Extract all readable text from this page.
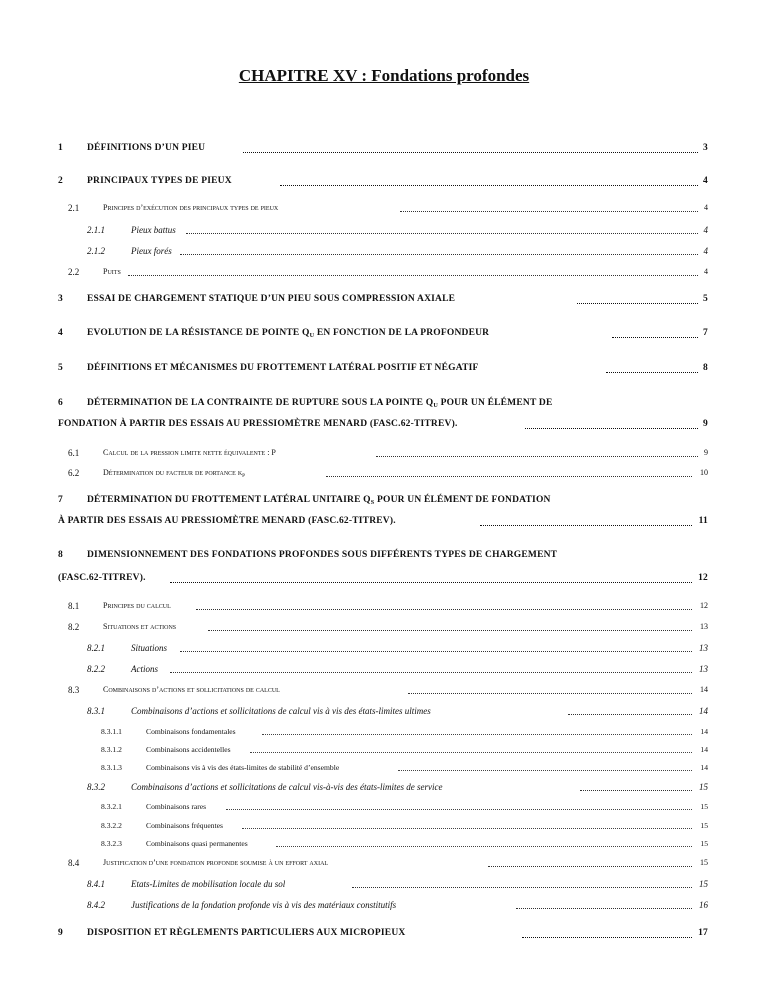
CHAPITRE XV : Fondations profondes
1	DÉFINITIONS D’UN PIEU	3
2	PRINCIPAUX TYPES DE PIEUX	4
2.1	Principes d’exécution des principaux types de pieux	4
2.1.1	Pieux battus	4
2.1.2	Pieux forés	4
2.2	Puits	4
3	ESSAI DE CHARGEMENT STATIQUE D’UN PIEU SOUS COMPRESSION AXIALE	5
4	EVOLUTION DE LA RÉSISTANCE DE POINTE $Q_U$ EN FONCTION DE LA PROFONDEUR	7
5	DÉFINITIONS ET MÉCANISMES DU FROTTEMENT LATÉRAL POSITIF ET NÉGATIF	8
6	DÉTERMINATION DE LA CONTRAINTE DE RUPTURE SOUS LA POINTE $Q_U$ POUR UN ÉLÉMENT DE
FONDATION À PARTIR DES ESSAIS AU PRESSIOMÈTRE MENARD (FASC.62-TITREV).	9
6.1	Calcul de la pression limite nette équivalente : P	9
6.2	Détermination du facteur de portance $k_P$	10
7	DÉTERMINATION DU FROTTEMENT LATÉRAL UNITAIRE $Q_S$ POUR UN ÉLÉMENT DE FONDATION
À PARTIR DES ESSAIS AU PRESSIOMÈTRE MENARD (FASC.62-TITREV).	11
8	DIMENSIONNEMENT DES FONDATIONS PROFONDES SOUS DIFFÉRENTS TYPES DE CHARGEMENT
(FASC.62-TITREV).	12
8.1	Principes du calcul	12
8.2	Situations et actions	13
8.2.1	Situations	13
8.2.2	Actions	13
8.3	Combinaisons d’actions et sollicitations de calcul	14
8.3.1	Combinaisons d’actions et sollicitations de calcul vis à vis des états-limites ultimes	14
8.3.1.1	Combinaisons fondamentales	14
8.3.1.2	Combinaisons accidentelles	14
8.3.1.3	Combinaisons vis à vis des états-limites de stabilité d’ensemble	14
8.3.2	Combinaisons d’actions et sollicitations de calcul vis-à-vis des états-limites de service	15
8.3.2.1	Combinaisons rares	15
8.3.2.2	Combinaisons fréquentes	15
8.3.2.3	Combinaisons quasi permanentes	15
8.4	Justification d’une fondation profonde soumise à un effort axial	15
8.4.1	Etats-Limites de mobilisation locale du sol	15
8.4.2	Justifications de la fondation profonde vis à vis des matériaux constitutifs	16
9	DISPOSITION ET RÈGLEMENTS PARTICULIERS AUX MICROPIEUX	17
